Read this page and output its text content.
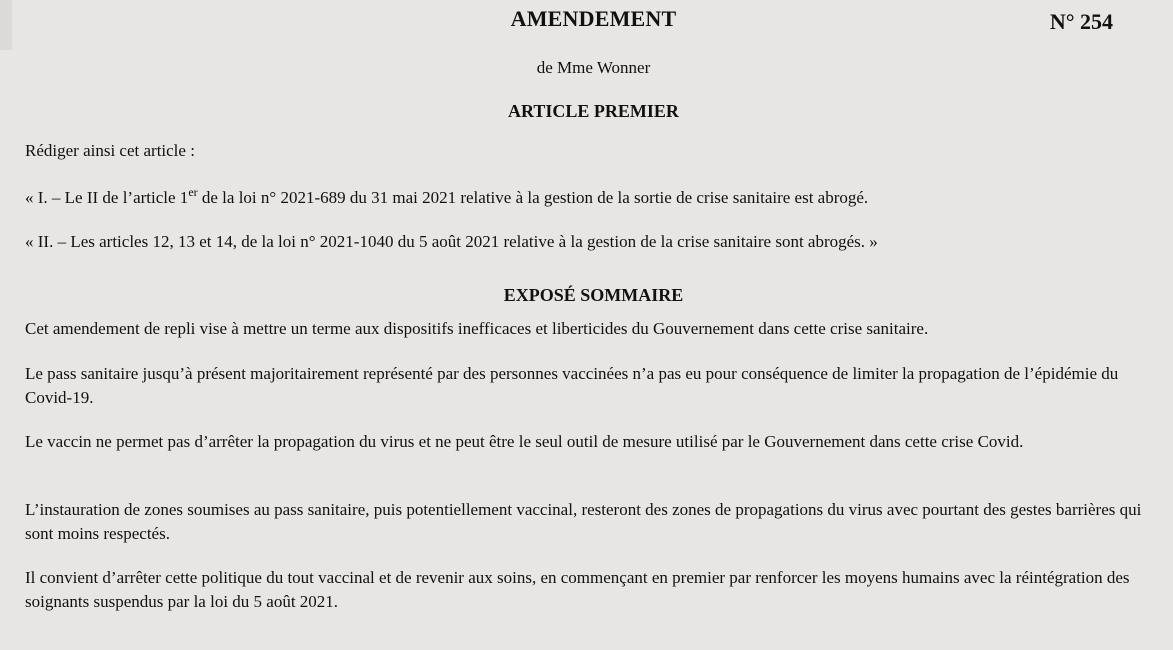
AMENDEMENT	N° 254
de Mme Wonner
ARTICLE PREMIER

Rédiger ainsi cet article :

« I. – Le II de l’article 1er de la loi n° 2021-689 du 31 mai 2021 relative à la gestion de la sortie de crise sanitaire est abrogé.

« II. – Les articles 12, 13 et 14, de la loi n° 2021-1040 du 5 août 2021 relative à la gestion de la crise sanitaire sont abrogés. »

EXPOSÉ SOMMAIRE

Cet amendement de repli vise à mettre un terme aux dispositifs inefficaces et liberticides du Gouvernement dans cette crise sanitaire.

Le pass sanitaire jusqu’à présent majoritairement représenté par des personnes vaccinées n’a pas eu pour conséquence de limiter la propagation de l’épidémie du Covid-19.

Le vaccin ne permet pas d’arrêter la propagation du virus et ne peut être le seul outil de mesure utilisé par le Gouvernement dans cette crise Covid.

L’instauration de zones soumises au pass sanitaire, puis potentiellement vaccinal, resteront des zones de propagations du virus avec pourtant des gestes barrières qui sont moins respectés.

Il convient d’arrêter cette politique du tout vaccinal et de revenir aux soins, en commençant en premier par renforcer les moyens humains avec la réintégration des soignants suspendus par la loi du 5 août 2021.
